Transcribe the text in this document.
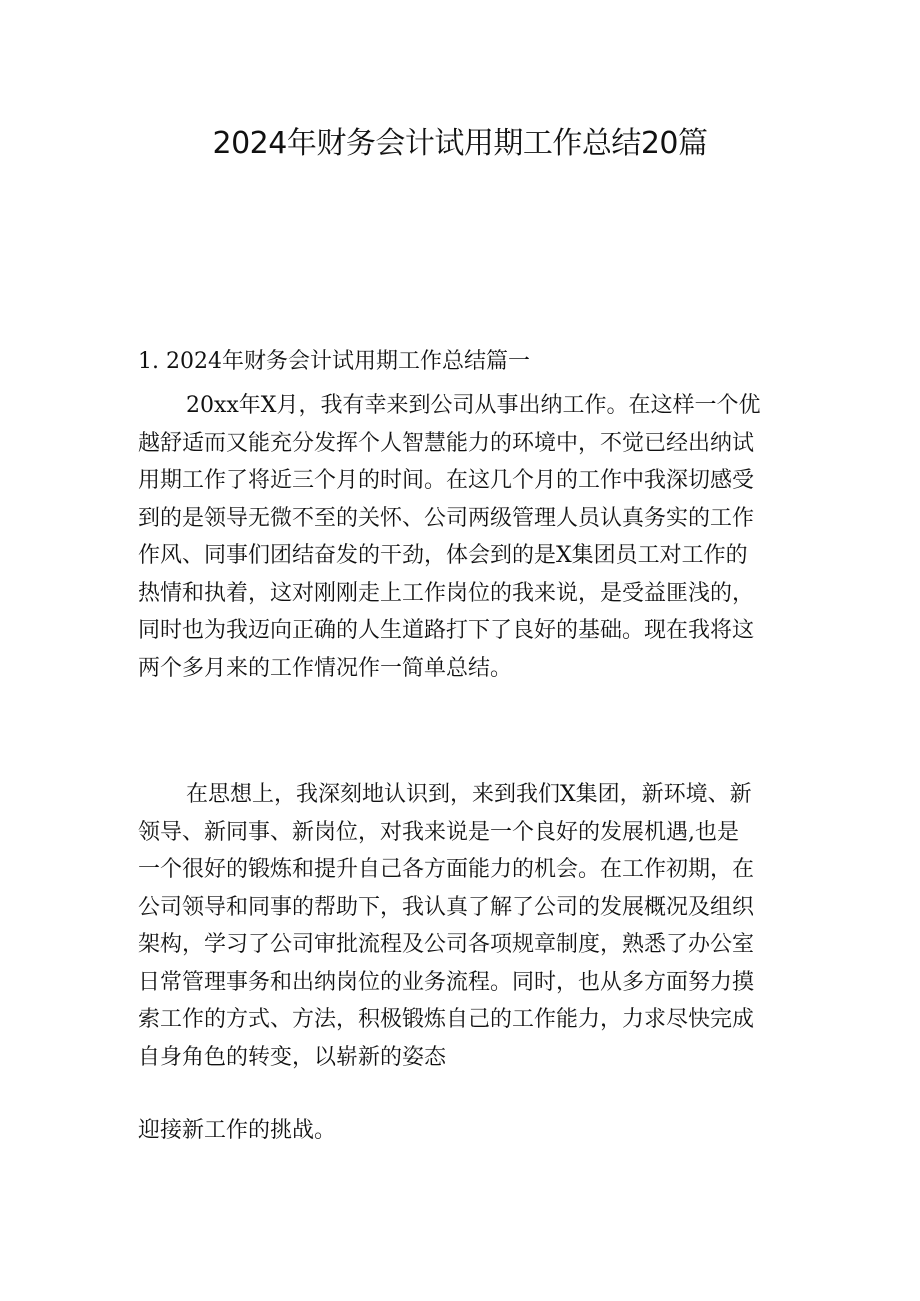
2024年财务会计试用期工作总结20篇

1. 2024年财务会计试用期工作总结篇一

20xx年X月，我有幸来到公司从事出纳工作。在这样一个优
越舒适而又能充分发挥个人智慧能力的环境中，不觉已经出纳试
用期工作了将近三个月的时间。在这几个月的工作中我深切感受
到的是领导无微不至的关怀、公司两级管理人员认真务实的工作
作风、同事们团结奋发的干劲，体会到的是X集团员工对工作的
热情和执着，这对刚刚走上工作岗位的我来说，是受益匪浅的，
同时也为我迈向正确的人生道路打下了良好的基础。现在我将这
两个多月来的工作情况作一简单总结。
在思想上，我深刻地认识到，来到我们X集团，新环境、新
领导、新同事、新岗位，对我来说是一个良好的发展机遇,也是
一个很好的锻炼和提升自己各方面能力的机会。在工作初期，在
公司领导和同事的帮助下，我认真了解了公司的发展概况及组织
架构，学习了公司审批流程及公司各项规章制度，熟悉了办公室
日常管理事务和出纳岗位的业务流程。同时，也从多方面努力摸
索工作的方式、方法，积极锻炼自己的工作能力，力求尽快完成
自身角色的转变，以崭新的姿态

迎接新工作的挑战。
